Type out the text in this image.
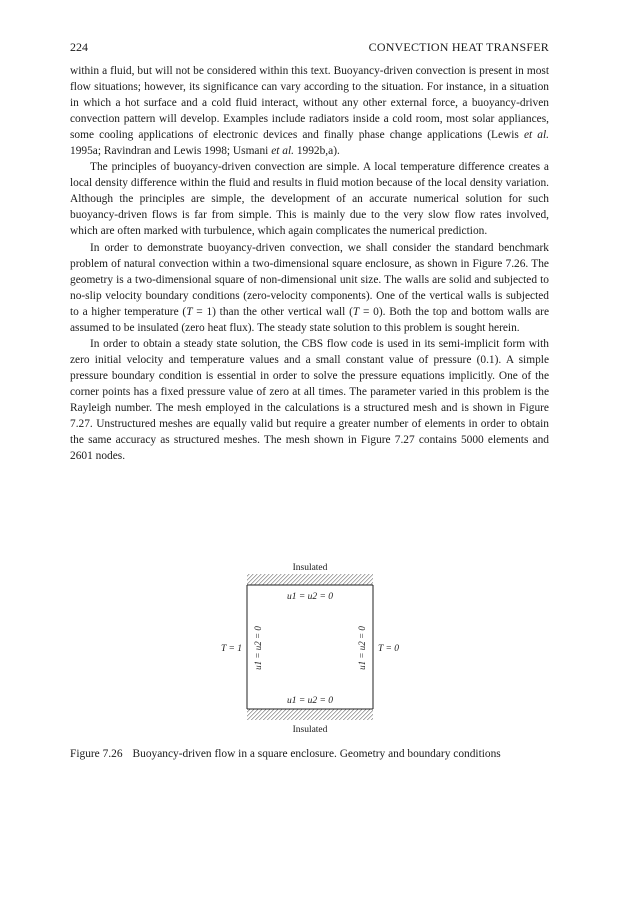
224	CONVECTION HEAT TRANSFER

within a fluid, but will not be considered within this text. Buoyancy-driven convection is present in most flow situations; however, its significance can vary according to the situation. For instance, in a situation in which a hot surface and a cold fluid interact, without any other external force, a buoyancy-driven convection pattern will develop. Examples include radiators inside a cold room, most solar appliances, some cooling applications of electronic devices and finally phase change applications (Lewis et al. 1995a; Ravindran and Lewis 1998; Usmani et al. 1992b,a).

The principles of buoyancy-driven convection are simple. A local temperature difference creates a local density difference within the fluid and results in fluid motion because of the local density variation. Although the principles are simple, the development of an accurate numerical solution for such buoyancy-driven flows is far from simple. This is mainly due to the very slow flow rates involved, which are often marked with turbulence, which again complicates the numerical prediction.

In order to demonstrate buoyancy-driven convection, we shall consider the standard benchmark problem of natural convection within a two-dimensional square enclosure, as shown in Figure 7.26. The geometry is a two-dimensional square of non-dimensional unit size. The walls are solid and subjected to no-slip velocity boundary conditions (zero-velocity components). One of the vertical walls is subjected to a higher temperature (T = 1) than the other vertical wall (T = 0). Both the top and bottom walls are assumed to be insulated (zero heat flux). The steady state solution to this problem is sought herein.

In order to obtain a steady state solution, the CBS flow code is used in its semi-implicit form with zero initial velocity and temperature values and a small constant value of pressure (0.1). A simple pressure boundary condition is essential in order to solve the pressure equations implicitly. One of the corner points has a fixed pressure value of zero at all times. The parameter varied in this problem is the Rayleigh number. The mesh employed in the calculations is a structured mesh and is shown in Figure 7.27. Unstructured meshes are equally valid but require a greater number of elements in order to obtain the same accuracy as structured meshes. The mesh shown in Figure 7.27 contains 5000 elements and 2601 nodes.

Insulated
u1 = u2 = 0
u1 = u2 = 0
T = 1	T = 0
u1 = u2 = 0	u1 = u2 = 0
Insulated
Figure 7.26 Buoyancy-driven flow in a square enclosure. Geometry and boundary conditions
